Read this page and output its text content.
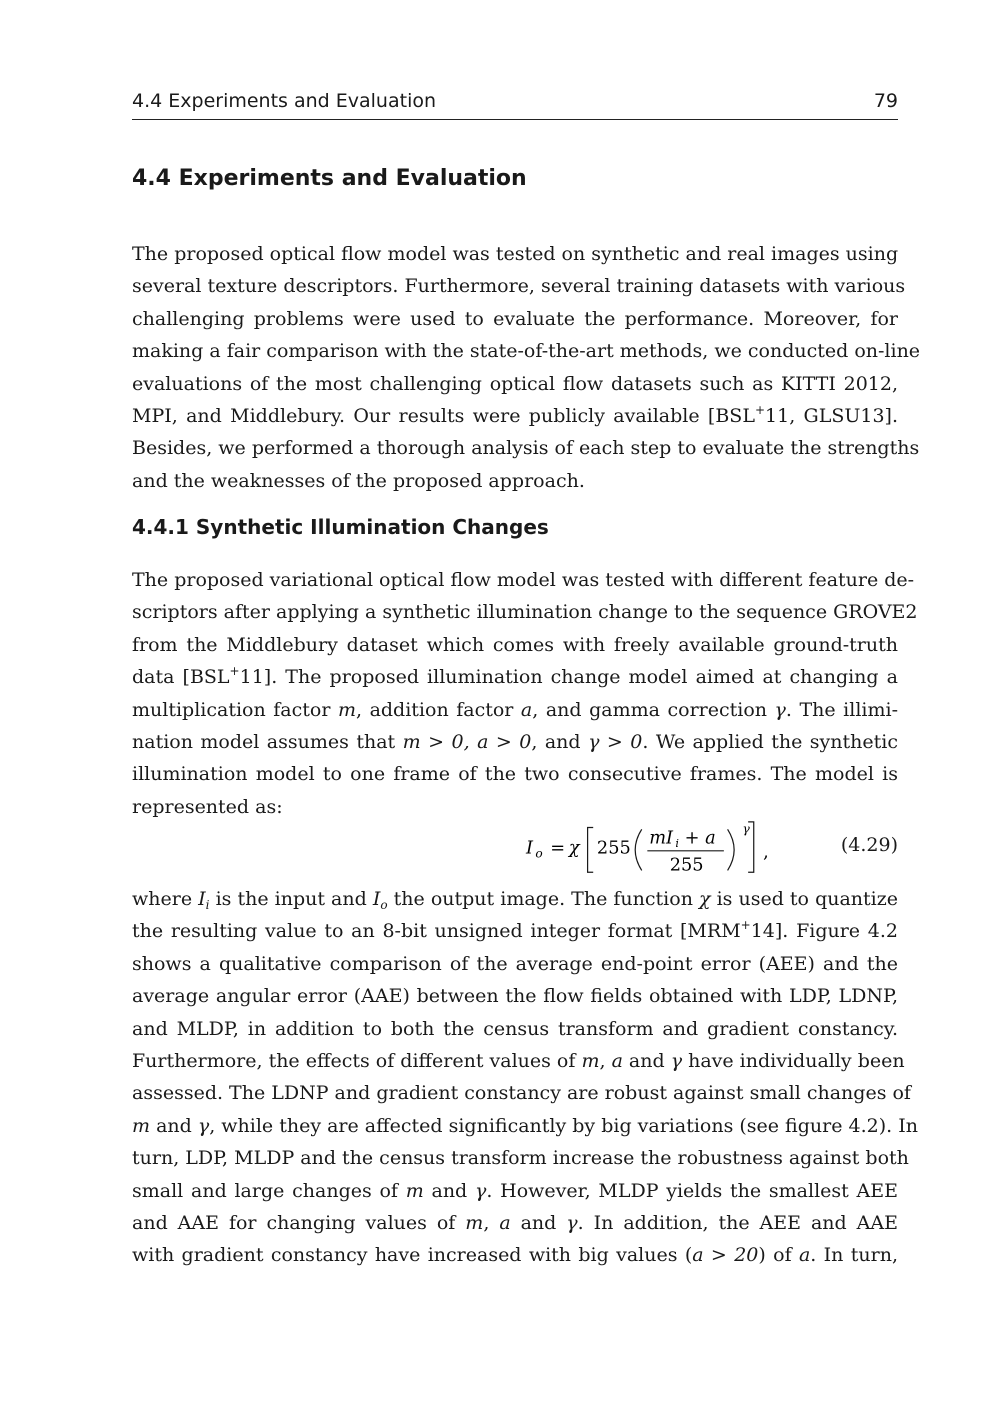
4.4 Experiments and Evaluation	79
4.4 Experiments and Evaluation

The proposed optical flow model was tested on synthetic and real images using
several texture descriptors. Furthermore, several training datasets with various
challenging problems were used to evaluate the performance. Moreover, for
making a fair comparison with the state-of-the-art methods, we conducted on-line
evaluations of the most challenging optical flow datasets such as KITTI 2012,
MPI, and Middlebury. Our results were publicly available [BSL+11, GLSU13].
Besides, we performed a thorough analysis of each step to evaluate the strengths
and the weaknesses of the proposed approach.

4.4.1 Synthetic Illumination Changes

The proposed variational optical flow model was tested with different feature de-
scriptors after applying a synthetic illumination change to the sequence GROVE2
from the Middlebury dataset which comes with freely available ground-truth
data [BSL+11]. The proposed illumination change model aimed at changing a
multiplication factor m, addition factor a, and gamma correction γ. The illimi-
nation model assumes that m > 0, a > 0, and γ > 0. We applied the synthetic
illumination model to one frame of the two consecutive frames. The model is
represented as:

I o = χ 255
mI i + a
255
γ
,	(4.29)

where $I_i$ is the input and $I_o$ the output image. The function χ is used to quantize
the resulting value to an 8-bit unsigned integer format [MRM+14]. Figure 4.2
shows a qualitative comparison of the average end-point error (AEE) and the
average angular error (AAE) between the flow fields obtained with LDP, LDNP,
and MLDP, in addition to both the census transform and gradient constancy.
Furthermore, the effects of different values of m, a and γ have individually been
assessed. The LDNP and gradient constancy are robust against small changes of
m and γ, while they are affected significantly by big variations (see figure 4.2). In
turn, LDP, MLDP and the census transform increase the robustness against both
small and large changes of m and γ. However, MLDP yields the smallest AEE
and AAE for changing values of m, a and γ. In addition, the AEE and AAE
with gradient constancy have increased with big values (a > 20) of a. In turn,
